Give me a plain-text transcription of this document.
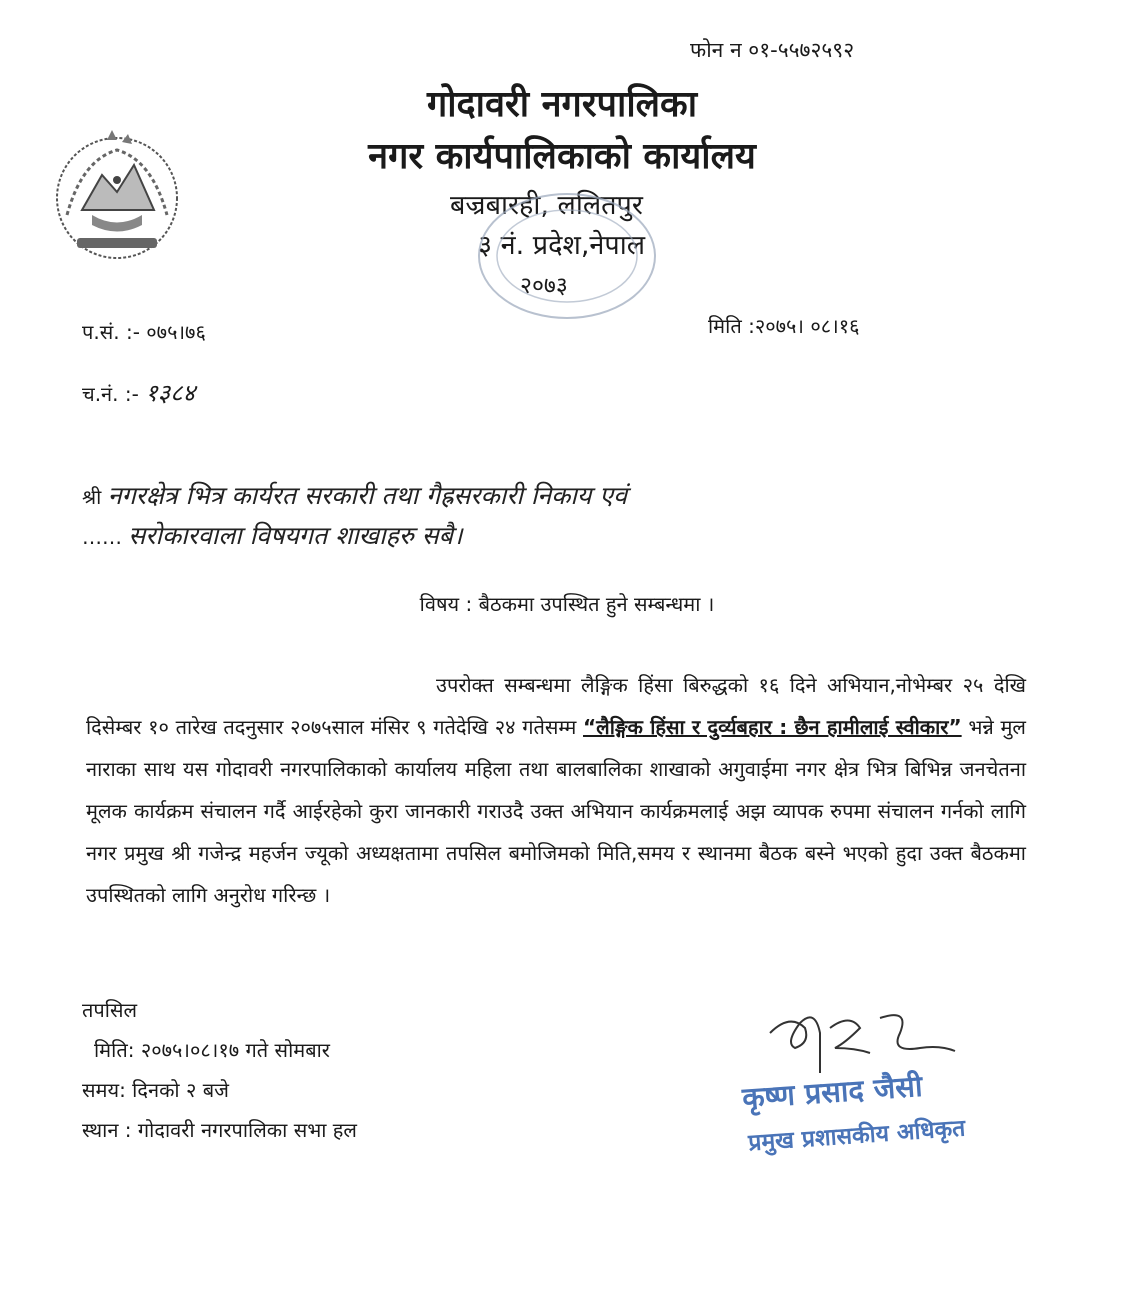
फोन न ०१-५५७२५९२
गोदावरी नगरपालिका
नगर कार्यपालिकाको कार्यालय
बज्रबारही, ललितपुर
३ नं. प्रदेश,नेपाल
२०७३
प.सं. :- ०७५।७६
च.नं. :- १३८४
मिति :२०७५। ०८।१६
श्री नगरक्षेत्र भित्र कार्यरत सरकारी तथा गैह्रसरकारी निकाय एवं
…… सरोकारवाला विषयगत शाखाहरु सबै।
विषय : बैठकमा उपस्थित हुने सम्बन्धमा ।

उपरोक्त सम्बन्धमा लैङ्गिक हिंसा बिरुद्धको १६ दिने अभियान,नोभेम्बर २५ देखि दिसेम्बर १० तारेख तदनुसार २०७५साल मंसिर ९ गतेदेखि २४ गतेसम्म “लैङ्गिक हिंसा र दुर्व्यबहार : छैन हामीलाई स्वीकार” भन्ने मुल नाराका साथ यस गोदावरी नगरपालिकाको कार्यालय महिला तथा बालबालिका शाखाको अगुवाईमा नगर क्षेत्र भित्र बिभिन्न जनचेतना मूलक कार्यक्रम संचालन गर्दै आईरहेको कुरा जानकारी गराउदै उक्त अभियान कार्यक्रमलाई अझ व्यापक रुपमा संचालन गर्नको लागि नगर प्रमुख श्री गजेन्द्र महर्जन ज्यूको अध्यक्षतामा तपसिल बमोजिमको मिति,समय र स्थानमा बैठक बस्ने भएको हुदा उक्त बैठकमा उपस्थितको लागि अनुरोध गरिन्छ ।

तपसिल
मिति: २०७५।०८।१७ गते सोमबार
समय: दिनको २ बजे
स्थान : गोदावरी नगरपालिका सभा हल
कृष्ण प्रसाद जैसी
प्रमुख प्रशासकीय अधिकृत
